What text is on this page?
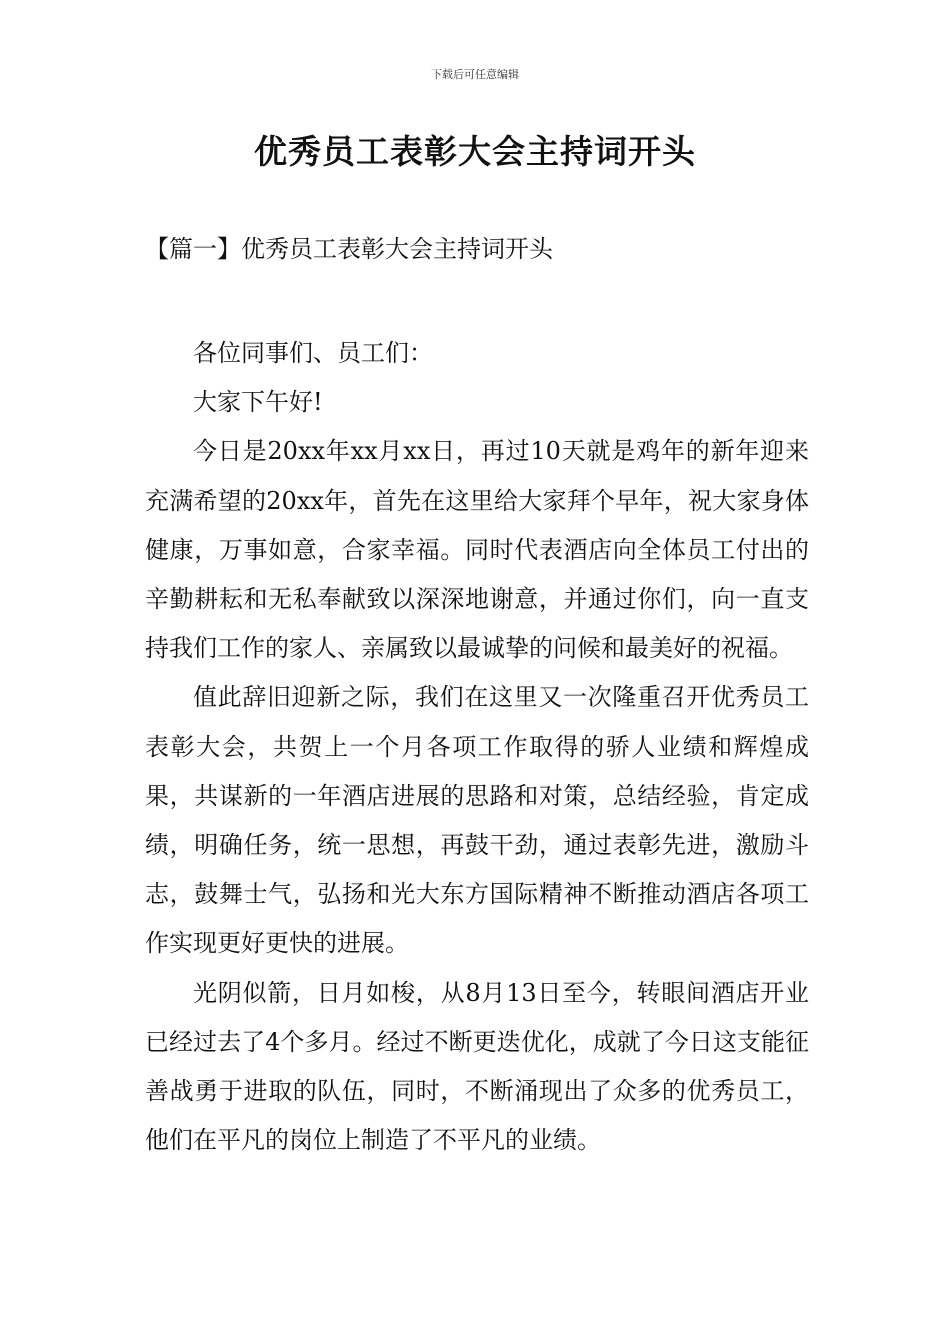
下载后可任意编辑
优秀员工表彰大会主持词开头
【篇一】优秀员工表彰大会主持词开头

各位同事们、员工们：

大家下午好!

今日是20xx年xx月xx日，再过10天就是鸡年的新年迎来充满希望的20xx年，首先在这里给大家拜个早年，祝大家身体健康，万事如意，合家幸福。同时代表酒店向全体员工付出的辛勤耕耘和无私奉献致以深深地谢意，并通过你们，向一直支持我们工作的家人、亲属致以最诚挚的问候和最美好的祝福。

值此辞旧迎新之际，我们在这里又一次隆重召开优秀员工表彰大会，共贺上一个月各项工作取得的骄人业绩和辉煌成果，共谋新的一年酒店进展的思路和对策，总结经验，肯定成绩，明确任务，统一思想，再鼓干劲，通过表彰先进，激励斗志，鼓舞士气，弘扬和光大东方国际精神不断推动酒店各项工作实现更好更快的进展。

光阴似箭，日月如梭，从8月13日至今，转眼间酒店开业已经过去了4个多月。经过不断更迭优化，成就了今日这支能征善战勇于进取的队伍，同时，不断涌现出了众多的优秀员工，他们在平凡的岗位上制造了不平凡的业绩。
